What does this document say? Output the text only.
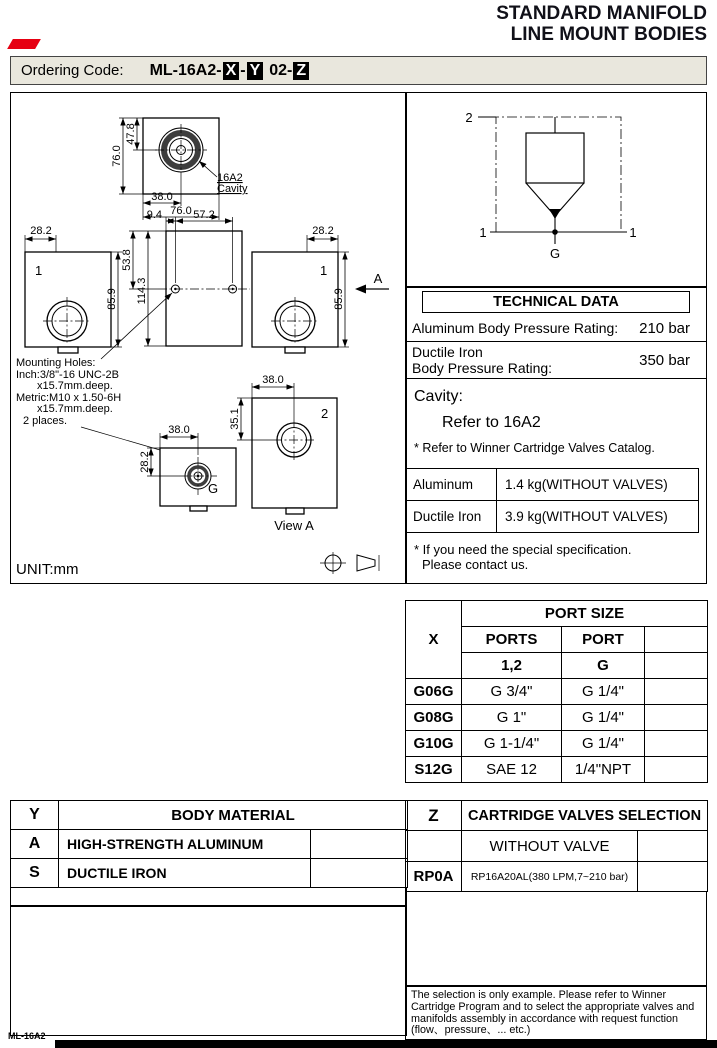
STANDARD MANIFOLD
LINE MOUNT BODIES
Ordering Code: ML-16A2- X - Y 02- Z
76.0
47.8
38.0
76.0
16A2
Cavity
1
28.2
85.9
9.4	57.2
53.8
114.3
1
28.2
85.9
A
Mounting Holes:
Inch:3/8"-16 UNC-2B
x15.7mm.deep.
Metric:M10 x 1.50-6H
x15.7mm.deep.
2 places.
G
38.0
28.2
2
38.0
35.1
View A
UNIT:mm
2
1	1
G
TECHNICAL DATA
Aluminum Body Pressure Rating: 210 bar
Ductile Iron
Body Pressure Rating:	350 bar
Cavity:
Refer to 16A2
* Refer to Winner Cartridge Valves Catalog.
Aluminum	1.4 kg(WITHOUT VALVES)
Ductile Iron	3.9 kg(WITHOUT VALVES)
* If you need the special specification.
Please contact us.
X	PORT SIZE		
	PORTS	PORT	
	1,2	G	
G06G	G 3/4"	G 1/4"	
G08G	G 1"	G 1/4"	
G10G	G 1-1/4"	G 1/4"	
S12G	SAE 12	1/4"NPT	
Y	BODY MATERIAL	
A	HIGH-STRENGTH ALUMINUM	
S	DUCTILE IRON	
Z	CARTRIDGE VALVES SELECTION	
	WITHOUT VALVE	
RP0A	RP16A20AL(380 LPM,7~210 bar)	
The selection is only example. Please refer to Winner Cartridge Program and to select the appropriate valves and manifolds assembly in accordance with request function (flow、pressure、... etc.)
ML-16A2
